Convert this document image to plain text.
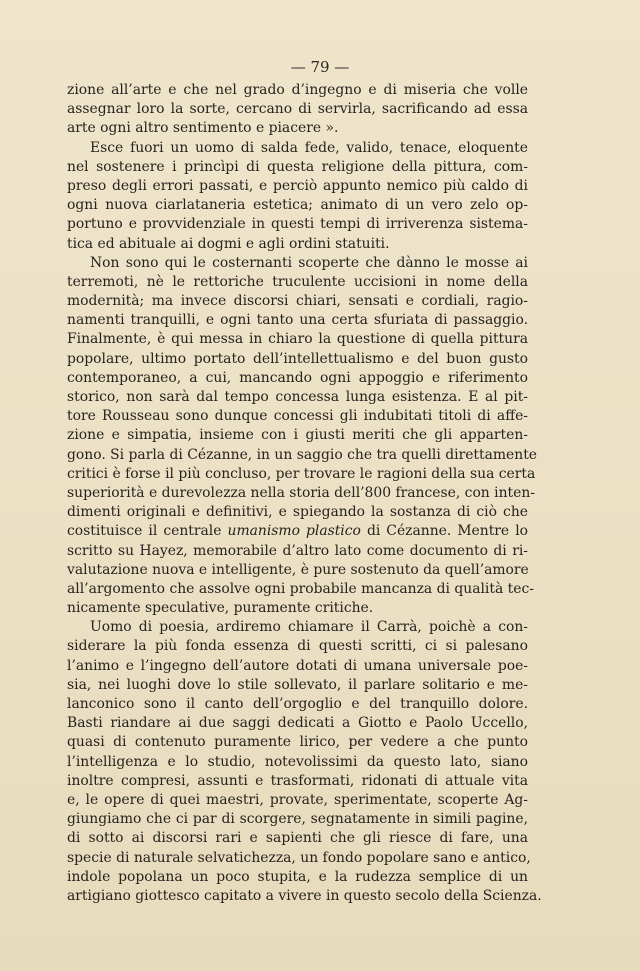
— 79 —
zione all’arte e che nel grado d’ingegno e di miseria che volle
assegnar loro la sorte, cercano di servirla, sacrificando ad essa
arte ogni altro sentimento e piacere ».
Esce fuori un uomo di salda fede, valido, tenace, eloquente
nel sostenere i princìpi di questa religione della pittura, com-
preso degli errori passati, e perciò appunto nemico più caldo di
ogni nuova ciarlataneria estetica; animato di un vero zelo op-
portuno e provvidenziale in questi tempi di irriverenza sistema-
tica ed abituale ai dogmi e agli ordini statuiti.
Non sono qui le costernanti scoperte che dànno le mosse ai
terremoti, nè le rettoriche truculente uccisioni in nome della
modernità; ma invece discorsi chiari, sensati e cordiali, ragio-
namenti tranquilli, e ogni tanto una certa sfuriata di passaggio.
Finalmente, è qui messa in chiaro la questione di quella pittura
popolare, ultimo portato dell’intellettualismo e del buon gusto
contemporaneo, a cui, mancando ogni appoggio e riferimento
storico, non sarà dal tempo concessa lunga esistenza. E al pit-
tore Rousseau sono dunque concessi gli indubitati titoli di affe-
zione e simpatia, insieme con i giusti meriti che gli apparten-
gono. Si parla di Cézanne, in un saggio che tra quelli direttamente
critici è forse il più concluso, per trovare le ragioni della sua certa
superiorità e durevolezza nella storia dell’800 francese, con inten-
dimenti originali e definitivi, e spiegando la sostanza di ciò che
costituisce il centrale umanismo plastico di Cézanne. Mentre lo
scritto su Hayez, memorabile d’altro lato come documento di ri-
valutazione nuova e intelligente, è pure sostenuto da quell’amore
all’argomento che assolve ogni probabile mancanza di qualità tec-
nicamente speculative, puramente critiche.
Uomo di poesia, ardiremo chiamare il Carrà, poichè a con-
siderare la più fonda essenza di questi scritti, ci si palesano
l’animo e l’ingegno dell’autore dotati di umana universale poe-
sia, nei luoghi dove lo stile sollevato, il parlare solitario e me-
lanconico sono il canto dell’orgoglio e del tranquillo dolore.
Basti riandare ai due saggi dedicati a Giotto e Paolo Uccello,
quasi di contenuto puramente lirico, per vedere a che punto
l’intelligenza e lo studio, notevolissimi da questo lato, siano
inoltre compresi, assunti e trasformati, ridonati di attuale vita
e, le opere di quei maestri, provate, sperimentate, scoperte Ag-
giungiamo che ci par di scorgere, segnatamente in simili pagine,
di sotto ai discorsi rari e sapienti che gli riesce di fare, una
specie di naturale selvatichezza, un fondo popolare sano e antico,
indole popolana un poco stupita, e la rudezza semplice di un
artigiano giottesco capitato a vivere in questo secolo della Scienza.
